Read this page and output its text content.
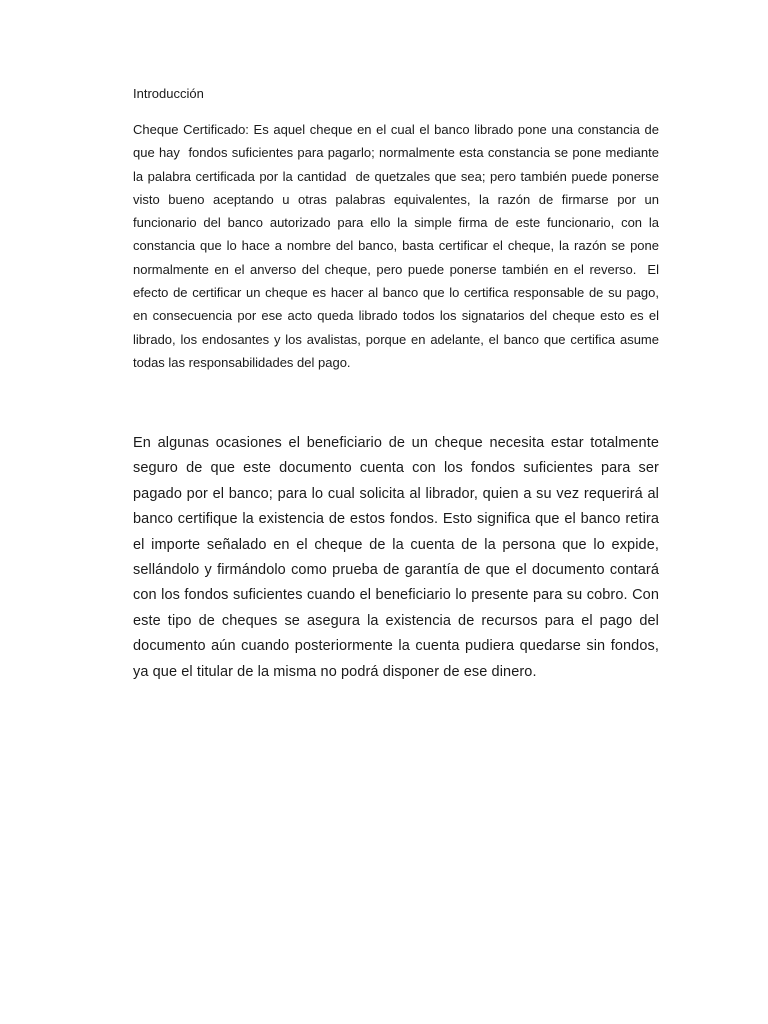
Introducción

Cheque Certificado: Es aquel cheque en el cual el banco librado pone una constancia de que hay  fondos suficientes para pagarlo; normalmente esta constancia se pone mediante la palabra certificada por la cantidad  de quetzales que sea; pero también puede ponerse visto bueno aceptando u otras palabras equivalentes, la razón de firmarse por un funcionario del banco autorizado para ello la simple firma de este funcionario, con la constancia que lo hace a nombre del banco, basta certificar el cheque, la razón se pone normalmente en el anverso del cheque, pero puede ponerse también en el reverso.  El efecto de certificar un cheque es hacer al banco que lo certifica responsable de su pago, en consecuencia por ese acto queda librado todos los signatarios del cheque esto es el librado, los endosantes y los avalistas, porque en adelante, el banco que certifica asume todas las responsabilidades del pago.

En algunas ocasiones el beneficiario de un cheque necesita estar totalmente seguro de que este documento cuenta con los fondos suficientes para ser pagado por el banco; para lo cual solicita al librador, quien a su vez requerirá al banco certifique la existencia de estos fondos. Esto significa que el banco retira el importe señalado en el cheque de la cuenta de la persona que lo expide, sellándolo y firmándolo como prueba de garantía de que el documento contará con los fondos suficientes cuando el beneficiario lo presente para su cobro. Con este tipo de cheques se asegura la existencia de recursos para el pago del documento aún cuando posteriormente la cuenta pudiera quedarse sin fondos, ya que el titular de la misma no podrá disponer de ese dinero.
